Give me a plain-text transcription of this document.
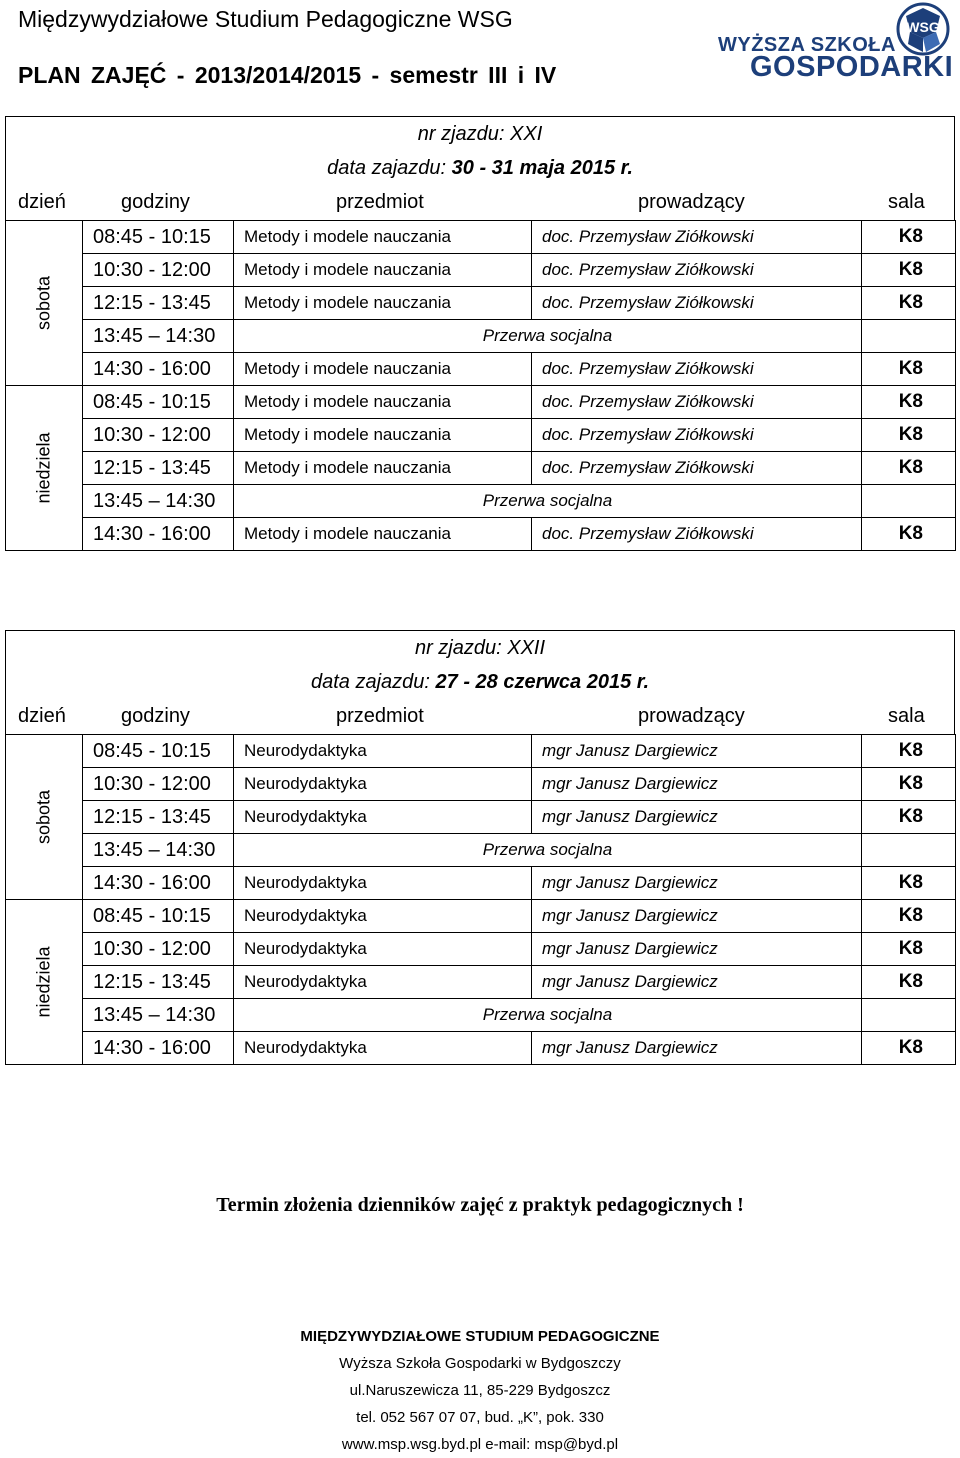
Międzywydziałowe Studium Pedagogiczne WSG
PLAN ZAJĘĆ - 2013/2014/2015 - semestr III i IV
WSG
WYŻSZA SZKOŁA
GOSPODARKI
nr zjazdu: XXI
data zajazdu: 30 - 31 maja 2015 r.
dzień	godziny	przedmiot	prowadzący	sala
sobota	08:45 - 10:15	Metody i modele nauczania	doc. Przemysław Ziółkowski	K8
	10:30 - 12:00	Metody i modele nauczania	doc. Przemysław Ziółkowski	K8
	12:15 - 13:45	Metody i modele nauczania	doc. Przemysław Ziółkowski	K8
	13:45 – 14:30	Przerwa socjalna		
	14:30 - 16:00	Metody i modele nauczania	doc. Przemysław Ziółkowski	K8

niedziela	08:45 - 10:15	Metody i modele nauczania	doc. Przemysław Ziółkowski	K8
	10:30 - 12:00	Metody i modele nauczania	doc. Przemysław Ziółkowski	K8
	12:15 - 13:45	Metody i modele nauczania	doc. Przemysław Ziółkowski	K8
	13:45 – 14:30	Przerwa socjalna		
	14:30 - 16:00	Metody i modele nauczania	doc. Przemysław Ziółkowski	K8
nr zjazdu: XXII
data zajazdu: 27 - 28 czerwca 2015 r.
dzień	godziny	przedmiot	prowadzący	sala
sobota	08:45 - 10:15	Neurodydaktyka	mgr Janusz Dargiewicz	K8
	10:30 - 12:00	Neurodydaktyka	mgr Janusz Dargiewicz	K8
	12:15 - 13:45	Neurodydaktyka	mgr Janusz Dargiewicz	K8
	13:45 – 14:30	Przerwa socjalna		
	14:30 - 16:00	Neurodydaktyka	mgr Janusz Dargiewicz	K8

niedziela	08:45 - 10:15	Neurodydaktyka	mgr Janusz Dargiewicz	K8
	10:30 - 12:00	Neurodydaktyka	mgr Janusz Dargiewicz	K8
	12:15 - 13:45	Neurodydaktyka	mgr Janusz Dargiewicz	K8
	13:45 – 14:30	Przerwa socjalna		
	14:30 - 16:00	Neurodydaktyka	mgr Janusz Dargiewicz	K8
Termin złożenia dzienników zajęć z praktyk pedagogicznych !
MIĘDZYWYDZIAŁOWE STUDIUM PEDAGOGICZNE
Wyższa Szkoła Gospodarki w Bydgoszczy
ul.Naruszewicza 11, 85-229 Bydgoszcz
tel. 052 567 07 07, bud. „K”, pok. 330
www.msp.wsg.byd.pl e-mail: msp@byd.pl
